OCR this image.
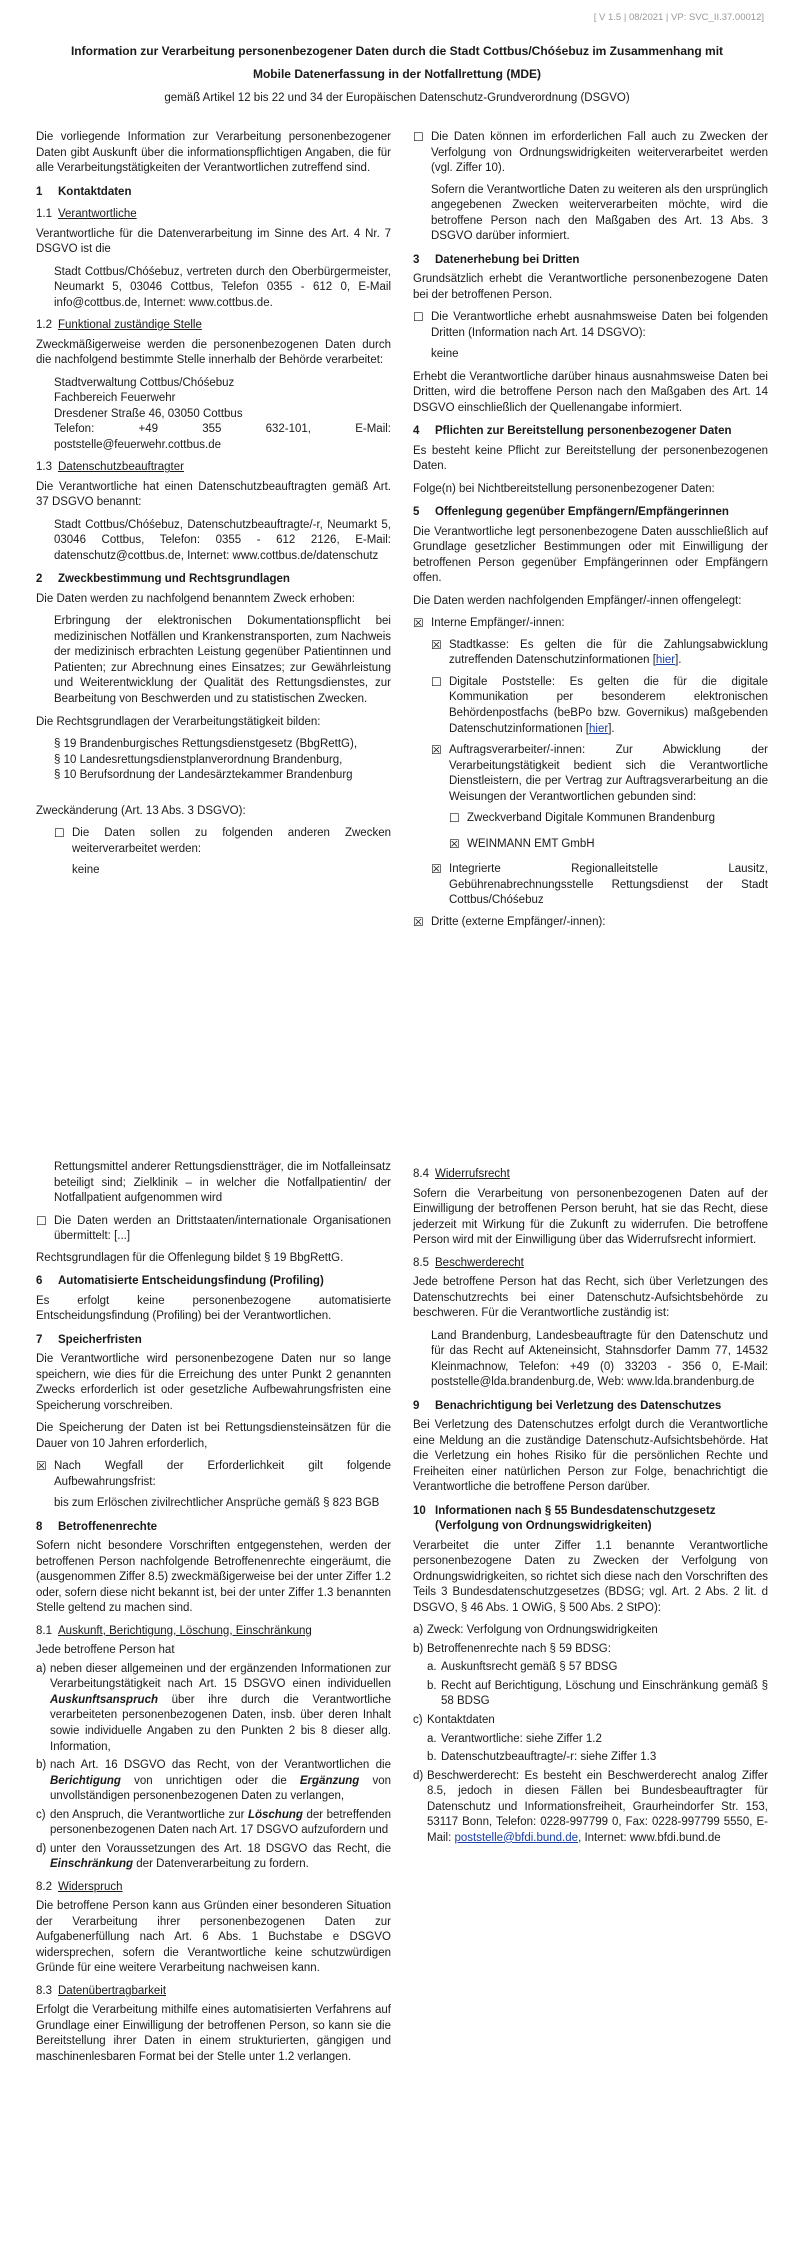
[ V 1.5 | 08/2021 | VP: SVC_II.37.00012]
Information zur Verarbeitung personenbezogener Daten durch die Stadt Cottbus/Chóśebuz im Zusammenhang mit
Mobile Datenerfassung in der Notfallrettung (MDE)
gemäß Artikel 12 bis 22 und 34 der Europäischen Datenschutz-Grundverordnung (DSGVO)

Die vorliegende Information zur Verarbeitung personenbezogener Daten gibt Auskunft über die informationspflichtigen Angaben, die für alle Verarbeitungstätigkeiten der Verantwortlichen zutreffend sind.

1	Kontaktdaten
1.1 Verantwortliche

Verantwortliche für die Datenverarbeitung im Sinne des Art. 4 Nr. 7 DSGVO ist die

Stadt Cottbus/Chóśebuz, vertreten durch den Oberbürgermeister, Neumarkt 5, 03046 Cottbus, Telefon 0355 - 612 0, E-Mail info@cottbus.de, Internet: www.cottbus.de.
1.2 Funktional zuständige Stelle

Zweckmäßigerweise werden die personenbezogenen Daten durch die nachfolgend bestimmte Stelle innerhalb der Behörde verarbeitet:

Stadtverwaltung Cottbus/Chóśebuz
Fachbereich Feuerwehr
Dresdener Straße 46, 03050 Cottbus
Telefon: +49 355 632-101, E-Mail: poststelle@feuerwehr.cottbus.de
1.3 Datenschutzbeauftragter

Die Verantwortliche hat einen Datenschutzbeauftragten gemäß Art. 37 DSGVO benannt:

Stadt Cottbus/Chóśebuz, Datenschutzbeauftragte/-r, Neumarkt 5, 03046 Cottbus, Telefon: 0355 - 612 2126, E-Mail: datenschutz@cottbus.de, Internet: www.cottbus.de/datenschutz
2	Zweckbestimmung und Rechtsgrundlagen

Die Daten werden zu nachfolgend benanntem Zweck erhoben:

Erbringung der elektronischen Dokumentationspflicht bei medizinischen Notfällen und Krankenstransporten, zum Nachweis der medizinisch erbrachten Leistung gegenüber Patientinnen und Patienten; zur Abrechnung eines Einsatzes; zur Gewährleistung und Weiterentwicklung der Qualität des Rettungsdienstes, zur Bearbeitung von Beschwerden und zu statistischen Zwecken.

Die Rechtsgrundlagen der Verarbeitungstätigkeit bilden:

§ 19 Brandenburgisches Rettungsdienstgesetz (BbgRettG),
§ 10 Landesrettungsdienstplanverordnung Brandenburg,
§ 10 Berufsordnung der Landesärztekammer Brandenburg

Zweckänderung (Art. 13 Abs. 3 DSGVO):

☐ Die Daten sollen zu folgenden anderen Zwecken weiterverarbeitet werden:
keine
☐ Die Daten können im erforderlichen Fall auch zu Zwecken der Verfolgung von Ordnungswidrigkeiten weiterverarbeitet werden (vgl. Ziffer 10).
Sofern die Verantwortliche Daten zu weiteren als den ursprünglich angegebenen Zwecken weiterverarbeiten möchte, wird die betroffene Person nach den Maßgaben des Art. 13 Abs. 3 DSGVO darüber informiert.
3	Datenerhebung bei Dritten

Grundsätzlich erhebt die Verantwortliche personenbezogene Daten bei der betroffenen Person.

☐ Die Verantwortliche erhebt ausnahmsweise Daten bei folgenden Dritten (Information nach Art. 14 DSGVO):
keine

Erhebt die Verantwortliche darüber hinaus ausnahmsweise Daten bei Dritten, wird die betroffene Person nach den Maßgaben des Art. 14 DSGVO einschließlich der Quellenangabe informiert.

4	Pflichten zur Bereitstellung personenbezogener Daten

Es besteht keine Pflicht zur Bereitstellung der personenbezogenen Daten.

Folge(n) bei Nichtbereitstellung personenbezogener Daten:

5	Offenlegung gegenüber Empfängern/Empfängerinnen

Die Verantwortliche legt personenbezogene Daten ausschließlich auf Grundlage gesetzlicher Bestimmungen oder mit Einwilligung der betroffenen Person gegenüber Empfängerinnen oder Empfängern offen.

Die Daten werden nachfolgenden Empfänger/-innen offengelegt:

☒ Interne Empfänger/-innen:
☒ Stadtkasse: Es gelten die für die Zahlungsabwicklung zutreffenden Datenschutzinformationen [hier].
☐ Digitale Poststelle: Es gelten die für die digitale Kommunikation per besonderem elektronischen Behördenpostfachs (beBPo bzw. Governikus) maßgebenden Datenschutzinformationen [hier].
☒ Auftragsverarbeiter/-innen: Zur Abwicklung der Verarbeitungstätigkeit bedient sich die Verantwortliche Dienstleistern, die per Vertrag zur Auftragsverarbeitung an die Weisungen der Verantwortlichen gebunden sind:
☐ Zweckverband Digitale Kommunen Brandenburg
☒ WEINMANN EMT GmbH
☒ Integrierte Regionalleitstelle Lausitz, Gebührenabrechnungsstelle Rettungsdienst der Stadt Cottbus/Chóśebuz
☒ Dritte (externe Empfänger/-innen):
Rettungsmittel anderer Rettungsdienstträger, die im Notfalleinsatz beteiligt sind; Zielklinik – in welcher die Notfallpatientin/ der Notfallpatient aufgenommen wird
☐ Die Daten werden an Drittstaaten/internationale Organisationen übermittelt: [...]

Rechtsgrundlagen für die Offenlegung bildet § 19 BbgRettG.

6	Automatisierte Entscheidungsfindung (Profiling)

Es erfolgt keine personenbezogene automatisierte Entscheidungsfindung (Profiling) bei der Verantwortlichen.

7	Speicherfristen

Die Verantwortliche wird personenbezogene Daten nur so lange speichern, wie dies für die Erreichung des unter Punkt 2 genannten Zwecks erforderlich ist oder gesetzliche Aufbewahrungsfristen eine Speicherung vorschreiben.

Die Speicherung der Daten ist bei Rettungsdiensteinsätzen für die Dauer von 10 Jahren erforderlich,

☒ Nach Wegfall der Erforderlichkeit gilt folgende Aufbewahrungsfrist:
bis zum Erlöschen zivilrechtlicher Ansprüche gemäß § 823 BGB
8	Betroffenenrechte

Sofern nicht besondere Vorschriften entgegenstehen, werden der betroffenen Person nachfolgende Betroffenenrechte eingeräumt, die (ausgenommen Ziffer 8.5) zweckmäßigerweise bei der unter Ziffer 1.2 oder, sofern diese nicht bekannt ist, bei der unter Ziffer 1.3 benannten Stelle geltend zu machen sind.

8.1 Auskunft, Berichtigung, Löschung, Einschränkung
Jede betroffene Person hat
a) neben dieser allgemeinen und der ergänzenden Informationen zur Verarbeitungstätigkeit nach Art. 15 DSGVO einen individuellen Auskunftsanspruch über ihre durch die Verantwortliche verarbeiteten personenbezogenen Daten, insb. über deren Inhalt sowie individuelle Angaben zu den Punkten 2 bis 8 dieser allg. Information,
b) nach Art. 16 DSGVO das Recht, von der Verantwortlichen die Berichtigung von unrichtigen oder die Ergänzung von unvollständigen personenbezogenen Daten zu verlangen,
c) den Anspruch, die Verantwortliche zur Löschung der betreffenden personenbezogenen Daten nach Art. 17 DSGVO aufzufordern und
d) unter den Voraussetzungen des Art. 18 DSGVO das Recht, die Einschränkung der Datenverarbeitung zu fordern.
8.2 Widerspruch

Die betroffene Person kann aus Gründen einer besonderen Situation der Verarbeitung ihrer personenbezogenen Daten zur Aufgabenerfüllung nach Art. 6 Abs. 1 Buchstabe e DSGVO widersprechen, sofern die Verantwortliche keine schutzwürdigen Gründe für eine weitere Verarbeitung nachweisen kann.

8.3 Datenübertragbarkeit

Erfolgt die Verarbeitung mithilfe eines automatisierten Verfahrens auf Grundlage einer Einwilligung der betroffenen Person, so kann sie die Bereitstellung ihrer Daten in einem strukturierten, gängigen und maschinenlesbaren Format bei der Stelle unter 1.2 verlangen.

8.4 Widerrufsrecht

Sofern die Verarbeitung von personenbezogenen Daten auf der Einwilligung der betroffenen Person beruht, hat sie das Recht, diese jederzeit mit Wirkung für die Zukunft zu widerrufen. Die betroffene Person wird mit der Einwilligung über das Widerrufsrecht informiert.

8.5 Beschwerderecht

Jede betroffene Person hat das Recht, sich über Verletzungen des Datenschutzrechts bei einer Datenschutz-Aufsichtsbehörde zu beschweren. Für die Verantwortliche zuständig ist:

Land Brandenburg, Landesbeauftragte für den Datenschutz und für das Recht auf Akteneinsicht, Stahnsdorfer Damm 77, 14532 Kleinmachnow, Telefon: +49 (0) 33203 - 356 0, E-Mail: poststelle@lda.brandenburg.de, Web: www.lda.brandenburg.de
9	Benachrichtigung bei Verletzung des Datenschutzes

Bei Verletzung des Datenschutzes erfolgt durch die Verantwortliche eine Meldung an die zuständige Datenschutz-Aufsichtsbehörde. Hat die Verletzung ein hohes Risiko für die persönlichen Rechte und Freiheiten einer natürlichen Person zur Folge, benachrichtigt die Verantwortliche die betroffene Person darüber.

10 Informationen nach § 55 Bundesdatenschutzgesetz
(Verfolgung von Ordnungswidrigkeiten)

Verarbeitet die unter Ziffer 1.1 benannte Verantwortliche personenbezogene Daten zu Zwecken der Verfolgung von Ordnungswidrigkeiten, so richtet sich diese nach den Vorschriften des Teils 3 Bundesdatenschutzgesetzes (BDSG; vgl. Art. 2 Abs. 2 lit. d DSGVO, § 46 Abs. 1 OWiG, § 500 Abs. 2 StPO):

a) Zweck: Verfolgung von Ordnungswidrigkeiten
b) Betroffenenrechte nach § 59 BDSG:
a. Auskunftsrecht gemäß § 57 BDSG
b. Recht auf Berichtigung, Löschung und Einschränkung gemäß § 58 BDSG
c) Kontaktdaten
a. Verantwortliche: siehe Ziffer 1.2
b. Datenschutzbeauftragte/-r: siehe Ziffer 1.3
d) Beschwerderecht: Es besteht ein Beschwerderecht analog Ziffer 8.5, jedoch in diesen Fällen bei Bundesbeauftragter für Datenschutz und Informationsfreiheit, Graurheindorfer Str. 153, 53117 Bonn, Telefon: 0228-997799 0, Fax: 0228-997799 5550, E-Mail: poststelle@bfdi.bund.de, Internet: www.bfdi.bund.de
